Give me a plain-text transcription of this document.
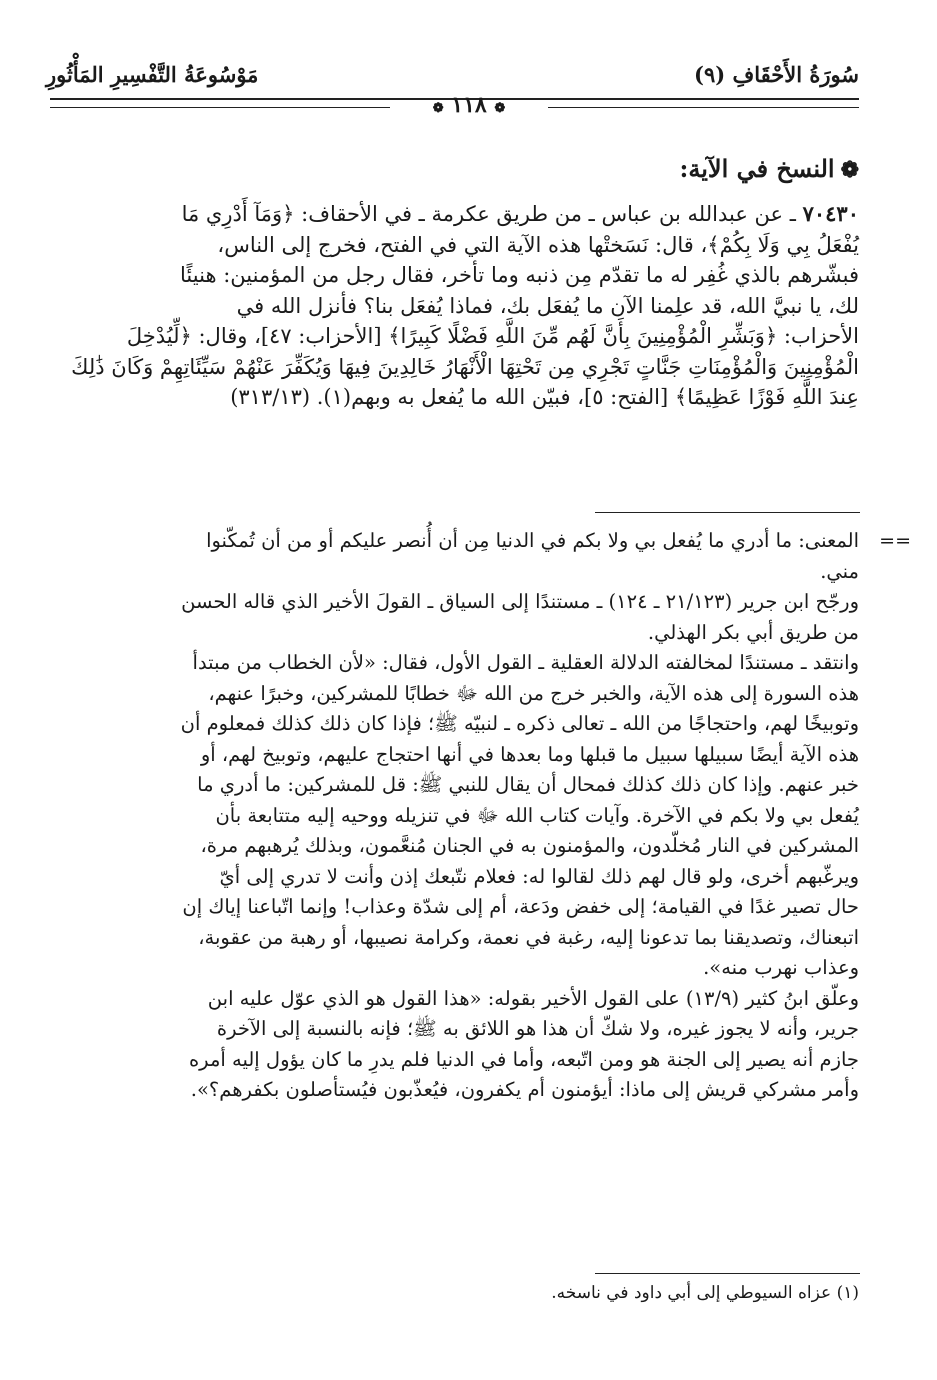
سُورَةُ الأَحْقَافِ (٩)
مَوْسُوعَةُ التَّفْسِيرِ المَأْثُورِ
❁ ١١٨ ❁
❁النسخ في الآية:
٧٠٤٣٠ ـ عن عبدالله بن عباس ـ من طريق عكرمة ـ في الأحقاف: ﴿وَمَآ أَدْرِي مَا
يُفْعَلُ بِي وَلَا بِكُمْ﴾، قال: نَسَختْها هذه الآية التي في الفتح، فخرج إلى الناس،
فبشّرهم بالذي غُفِر له ما تقدّم مِن ذنبه وما تأخر، فقال رجل من المؤمنين: هنيئًا
لك، يا نبيَّ الله، قد علِمنا الآن ما يُفعَل بك، فماذا يُفعَل بنا؟ فأنزل الله في
الأحزاب: ﴿وَبَشِّرِ الْمُؤْمِنِينَ بِأَنَّ لَهُم مِّنَ اللَّهِ فَضْلًا كَبِيرًا﴾ [الأحزاب: ٤٧]، وقال: ﴿لِّيُدْخِلَ
الْمُؤْمِنِينَ وَالْمُؤْمِنَاتِ جَنَّاتٍ تَجْرِي مِن تَحْتِهَا الْأَنْهَارُ خَالِدِينَ فِيهَا وَيُكَفِّرَ عَنْهُمْ سَيِّئَاتِهِمْ وَكَانَ ذَٰلِكَ
عِندَ اللَّهِ فَوْزًا عَظِيمًا﴾ [الفتح: ٥]، فبيّن الله ما يُفعل به وبهم(١). (٣١٣/١٣)
==

المعنى: ما أدري ما يُفعل بي ولا بكم في الدنيا مِن أن أُنصر عليكم أو من أن تُمكّنوا

مني.

ورجّح ابن جرير (٢١/١٢٣ ـ ١٢٤) ـ مستندًا إلى السياق ـ القولَ الأخير الذي قاله الحسن

من طريق أبي بكر الهذلي.

وانتقد ـ مستندًا لمخالفته الدلالة العقلية ـ القول الأول، فقال: «لأن الخطاب من مبتدأ

هذه السورة إلى هذه الآية، والخبر خرج من الله ﷻ خطابًا للمشركين، وخبرًا عنهم،

وتوبيخًا لهم، واحتجاجًا من الله ـ تعالى ذكره ـ لنبيّه ﷺ؛ فإذا كان ذلك كذلك فمعلوم أن

هذه الآية أيضًا سبيلها سبيل ما قبلها وما بعدها في أنها احتجاج عليهم، وتوبيخ لهم، أو

خبر عنهم. وإذا كان ذلك كذلك فمحال أن يقال للنبي ﷺ: قل للمشركين: ما أدري ما

يُفعل بي ولا بكم في الآخرة. وآيات كتاب الله ﷻ في تنزيله ووحيه إليه متتابعة بأن

المشركين في النار مُخلّدون، والمؤمنون به في الجنان مُنعَّمون، وبذلك يُرهبهم مرة،

ويرغّبهم أخرى، ولو قال لهم ذلك لقالوا له: فعلام نتّبعك إذن وأنت لا تدري إلى أيّ

حال تصير غدًا في القيامة؛ إلى خفض ودَعة، أم إلى شدّة وعذاب! وإنما اتّباعنا إياك إن

اتبعناك، وتصديقنا بما تدعونا إليه، رغبة في نعمة، وكرامة نصيبها، أو رهبة من عقوبة،

وعذاب نهرب منه».

وعلّق ابنُ كثير (١٣/٩) على القول الأخير بقوله: «هذا القول هو الذي عوّل عليه ابن

جرير، وأنه لا يجوز غيره، ولا شكّ أن هذا هو اللائق به ﷺ؛ فإنه بالنسبة إلى الآخرة

جازم أنه يصير إلى الجنة هو ومن اتّبعه، وأما في الدنيا فلم يدرِ ما كان يؤول إليه أمره

وأمر مشركي قريش إلى ماذا: أيؤمنون أم يكفرون، فيُعذّبون فيُستأصلون بكفرهم؟».

(١) عزاه السيوطي إلى أبي داود في ناسخه.
